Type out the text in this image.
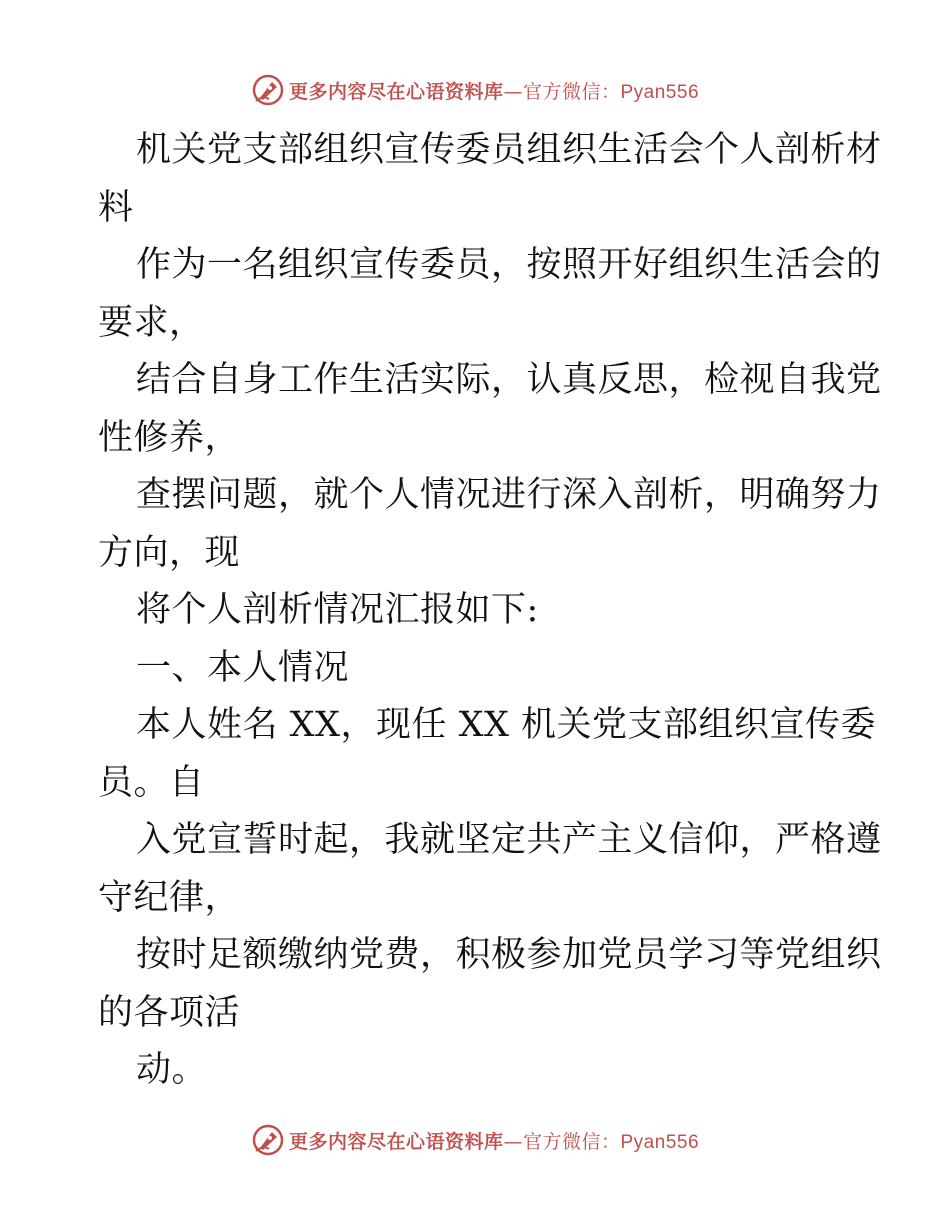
更多内容尽在心语资料库—官方微信：Pyan556
机关党支部组织宣传委员组织生活会个人剖析材
料
作为一名组织宣传委员，按照开好组织生活会的
要求，
结合自身工作生活实际，认真反思，检视自我党
性修养，
查摆问题，就个人情况进行深入剖析，明确努力
方向，现
将个人剖析情况汇报如下:
一、本人情况
本人姓名 XX，现任 XX 机关党支部组织宣传委
员。自
入党宣誓时起，我就坚定共产主义信仰，严格遵
守纪律，
按时足额缴纳党费，积极参加党员学习等党组织
的各项活
动。
更多内容尽在心语资料库—官方微信：Pyan556
